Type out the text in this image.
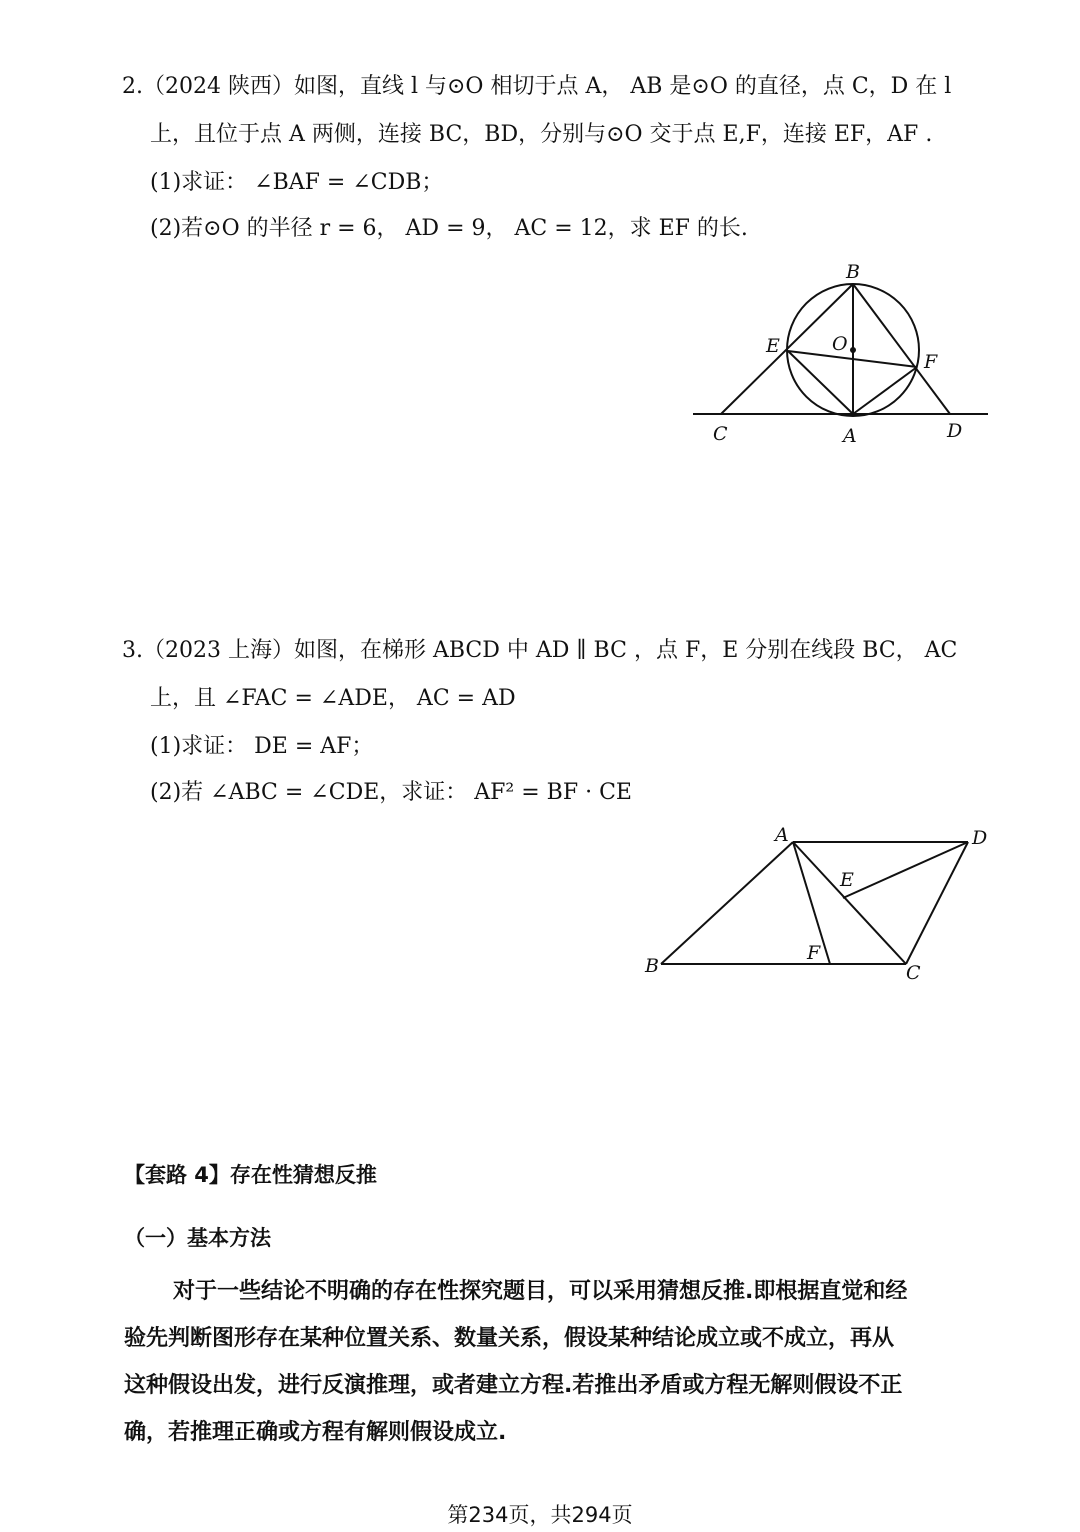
2.（2024 陕西）如图，直线 l 与⊙O 相切于点 A， AB 是⊙O 的直径，点 C，D 在 l

上，且位于点 A 两侧，连接 BC，BD，分别与⊙O 交于点 E,F，连接 EF，AF .

(1)求证： ∠BAF = ∠CDB；

(2)若⊙O 的半径 r = 6， AD = 9， AC = 12，求 EF 的长.

B
O
E
F
C	A	D

3.（2023 上海）如图，在梯形 ABCD 中 AD ∥ BC ，点 F，E 分别在线段 BC， AC

上，且 ∠FAC = ∠ADE， AC = AD

(1)求证： DE = AF；

(2)若 ∠ABC = ∠CDE，求证： AF² = BF · CE

A	D
E
B
F
C

【套路 4】存在性猜想反推

（一）基本方法

对于一些结论不明确的存在性探究题目，可以采用猜想反推.即根据直觉和经

验先判断图形存在某种位置关系、数量关系，假设某种结论成立或不成立，再从

这种假设出发，进行反演推理，或者建立方程.若推出矛盾或方程无解则假设不正

确，若推理正确或方程有解则假设成立.

第234页，共294页
